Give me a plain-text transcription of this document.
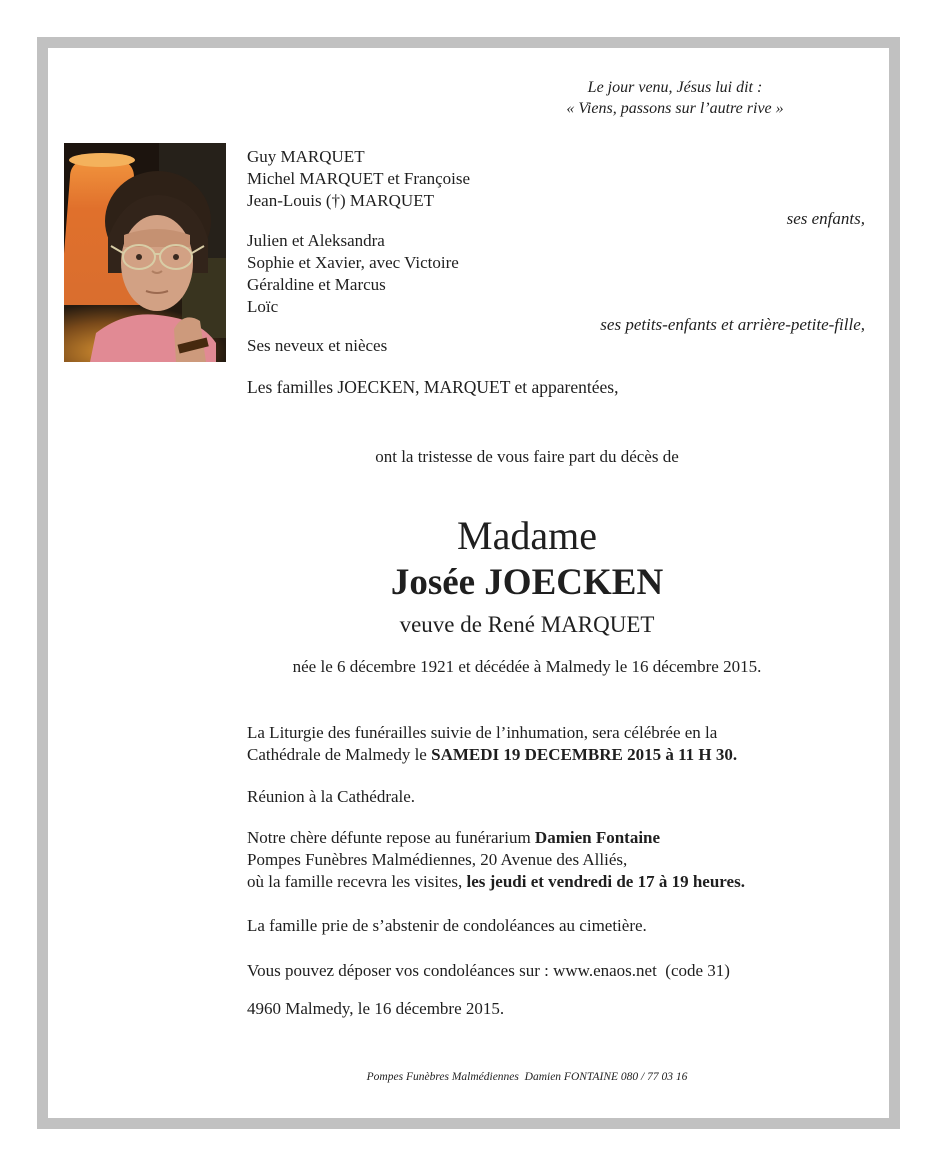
Le jour venu, Jésus lui dit :
« Viens, passons sur l’autre rive »
Guy MARQUET
Michel MARQUET et Françoise
Jean-Louis (†) MARQUET
ses enfants,
Julien et Aleksandra
Sophie et Xavier, avec Victoire
Géraldine et Marcus
Loïc
ses petits-enfants et arrière-petite-fille,
Ses neveux et nièces
Les familles JOECKEN, MARQUET et apparentées,
ont la tristesse de vous faire part du décès de
Madame
Josée JOECKEN
veuve de René MARQUET
née le 6 décembre 1921 et décédée à Malmedy le 16 décembre 2015.
La Liturgie des funérailles suivie de l’inhumation, sera célébrée en la
Cathédrale de Malmedy le SAMEDI 19 DECEMBRE 2015 à 11 H 30.
Réunion à la Cathédrale.
Notre chère défunte repose au funérarium Damien Fontaine
Pompes Funèbres Malmédiennes, 20 Avenue des Alliés,
où la famille recevra les visites, les jeudi et vendredi de 17 à 19 heures.
La famille prie de s’abstenir de condoléances au cimetière.
Vous pouvez déposer vos condoléances sur : www.enaos.net  (code 31)
4960 Malmedy, le 16 décembre 2015.
Pompes Funèbres Malmédiennes  Damien FONTAINE 080 / 77 03 16
